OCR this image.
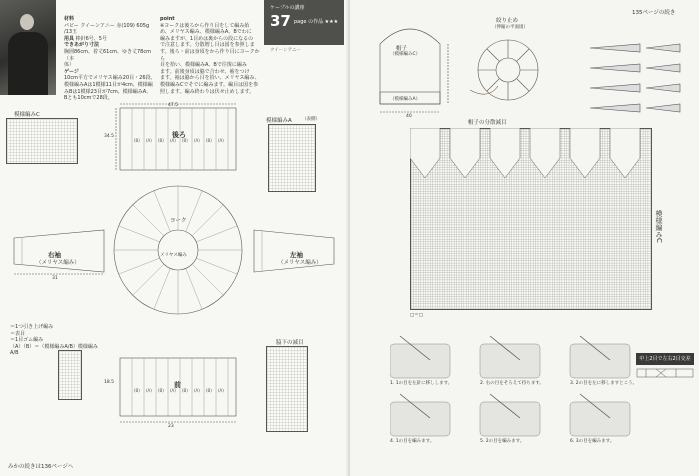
材料
パピー クイーンアニー 赤(109) 605g
/13玉
用具 棒針6号、5号
できあがり寸法
胸囲86cm、着丈61cm、ゆき丈78cm（本
体）
ゲージ
10cm平方でメリヤス編み20目・26段、
模様編みAは1模様11目が4cm、模様編
みBは1模様23目が7cm、模様編みA、
Bとも10cmで28段。
point
※ヨークは後ろから作り目をして編み始
め、メリヤス編み、模様編みA、Bでわに
編みますが、1目めは裏からの段になるの
で注意します。分散増し目は図を参照しま
す。後ろ・前は身頃をから作り目にヨークから
目を拾い、模様編みA、Bで往復に編み
ます。前後身頃は脇で合わせ、袖をつけ
ます。袖は脇から目を拾い、メリヤス編み、
模様編みCでそでに編みます。編目は図を参
照します。編み終わりは伏せ止めします。
ケーブルの講座
37 page の作品 ★★★
クイーンアニー
模様編みC
模様編みA （表側）
脇下の減目
(B) (A) (B) (A) (B) (A) (B) (A)
(B) (A) (B) (A) (B) (A) (B) (A)
後ろ
ヨーク
メリヤス編み
前
右袖
（メリヤス編み）
左袖
（メリヤス編み）
47.5
34.5
31
23
18.5
＝1つ引き上げ編み
＝表目
＝1目ゴム編み
（A）（B）＝（模様編みA/B）模様編みA/B
みかの続きは136ページへ
135ページの続き
帽子
（模様編みC）
（模様編みA）
40
絞り止め
（伸縮の平面図）
帽子の分散減目
模様編みC
□＝□
中上2目で左右2目交差
1. 1の目を左針に移しします。	2. 右の目をそろえて持ちます。	3. 2の目を左に移しますとこう。
4. 1の目を編みます。	5. 2の目を編みます。	6. 3の目を編みます。
